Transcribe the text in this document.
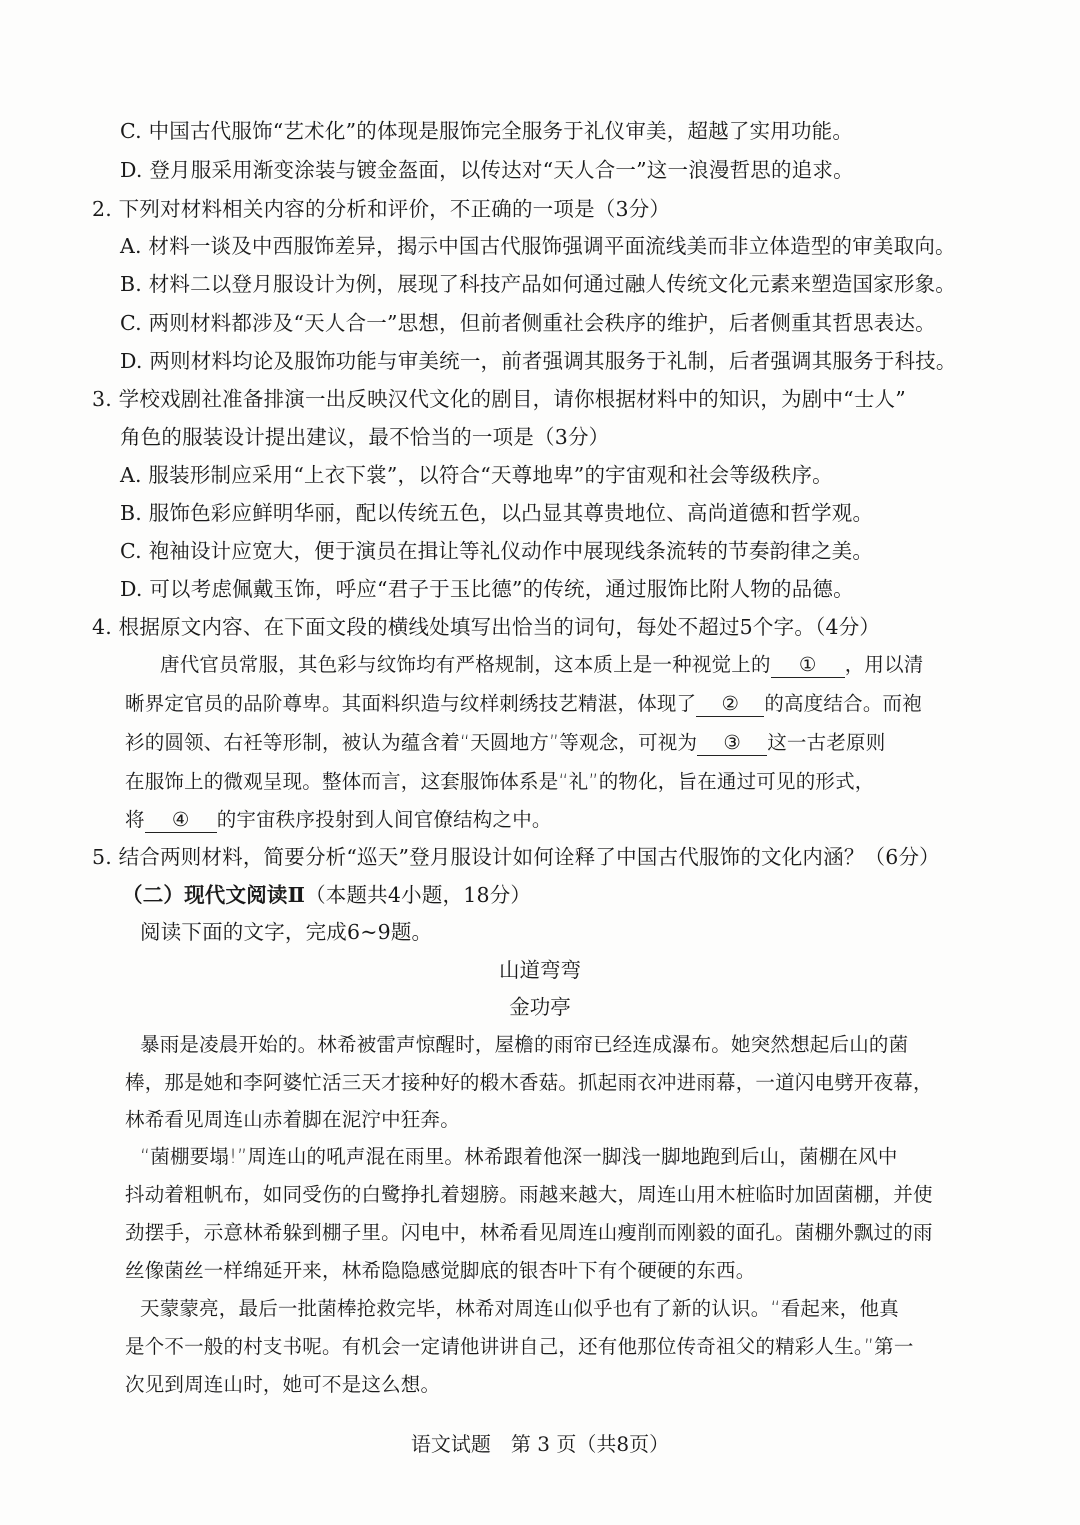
C. 中国古代服饰“艺术化”的体现是服饰完全服务于礼仪审美，超越了实用功能。
D. 登月服采用渐变涂装与镀金盔面，以传达对“天人合一”这一浪漫哲思的追求。
2. 下列对材料相关内容的分析和评价，不正确的一项是（3分）
A. 材料一谈及中西服饰差异，揭示中国古代服饰强调平面流线美而非立体造型的审美取向。
B. 材料二以登月服设计为例，展现了科技产品如何通过融人传统文化元素来塑造国家形象。
C. 两则材料都涉及“天人合一”思想，但前者侧重社会秩序的维护，后者侧重其哲思表达。
D. 两则材料均论及服饰功能与审美统一，前者强调其服务于礼制，后者强调其服务于科技。
3. 学校戏剧社准备排演一出反映汉代文化的剧目，请你根据材料中的知识，为剧中“士人”
角色的服装设计提出建议，最不恰当的一项是（3分）
A. 服装形制应采用“上衣下裳”，以符合“天尊地卑”的宇宙观和社会等级秩序。
B. 服饰色彩应鲜明华丽，配以传统五色，以凸显其尊贵地位、高尚道德和哲学观。
C. 袍袖设计应宽大，便于演员在揖让等礼仪动作中展现线条流转的节奏韵律之美。
D. 可以考虑佩戴玉饰，呼应“君子于玉比德”的传统，通过服饰比附人物的品德。
4. 根据原文内容、在下面文段的横线处填写出恰当的词句，每处不超过5个字。（4分）
唐代官员常服，其色彩与纹饰均有严格规制，这本质上是一种视觉上的 ① ，用以清
晰界定官员的品阶尊卑。其面料织造与纹样刺绣技艺精湛，体现了 ② 的高度结合。而袍
衫的圆领、右衽等形制，被认为蕴含着“天圆地方”等观念，可视为 ③ 这一古老原则
在服饰上的微观呈现。整体而言，这套服饰体系是“礼”的物化，旨在通过可见的形式，
将 ④ 的宇宙秩序投射到人间官僚结构之中。
5. 结合两则材料，简要分析“巡天”登月服设计如何诠释了中国古代服饰的文化内涵？（6分）
（二）现代文阅读Ⅱ（本题共4小题，18分）
阅读下面的文字，完成6~9题。
山道弯弯
金功亭
暴雨是凌晨开始的。林希被雷声惊醒时，屋檐的雨帘已经连成瀑布。她突然想起后山的菌
棒，那是她和李阿婆忙活三天才接种好的椴木香菇。抓起雨衣冲进雨幕，一道闪电劈开夜幕，
林希看见周连山赤着脚在泥泞中狂奔。
“菌棚要塌!”周连山的吼声混在雨里。林希跟着他深一脚浅一脚地跑到后山，菌棚在风中
抖动着粗帆布，如同受伤的白鹭挣扎着翅膀。雨越来越大，周连山用木桩临时加固菌棚，并使
劲摆手，示意林希躲到棚子里。闪电中，林希看见周连山瘦削而刚毅的面孔。菌棚外飘过的雨
丝像菌丝一样绵延开来，林希隐隐感觉脚底的银杏叶下有个硬硬的东西。
天蒙蒙亮，最后一批菌棒抢救完毕，林希对周连山似乎也有了新的认识。“看起来，他真
是个不一般的村支书呢。有机会一定请他讲讲自己，还有他那位传奇祖父的精彩人生。”第一
次见到周连山时，她可不是这么想。
语文试题　第 3 页（共8页）
